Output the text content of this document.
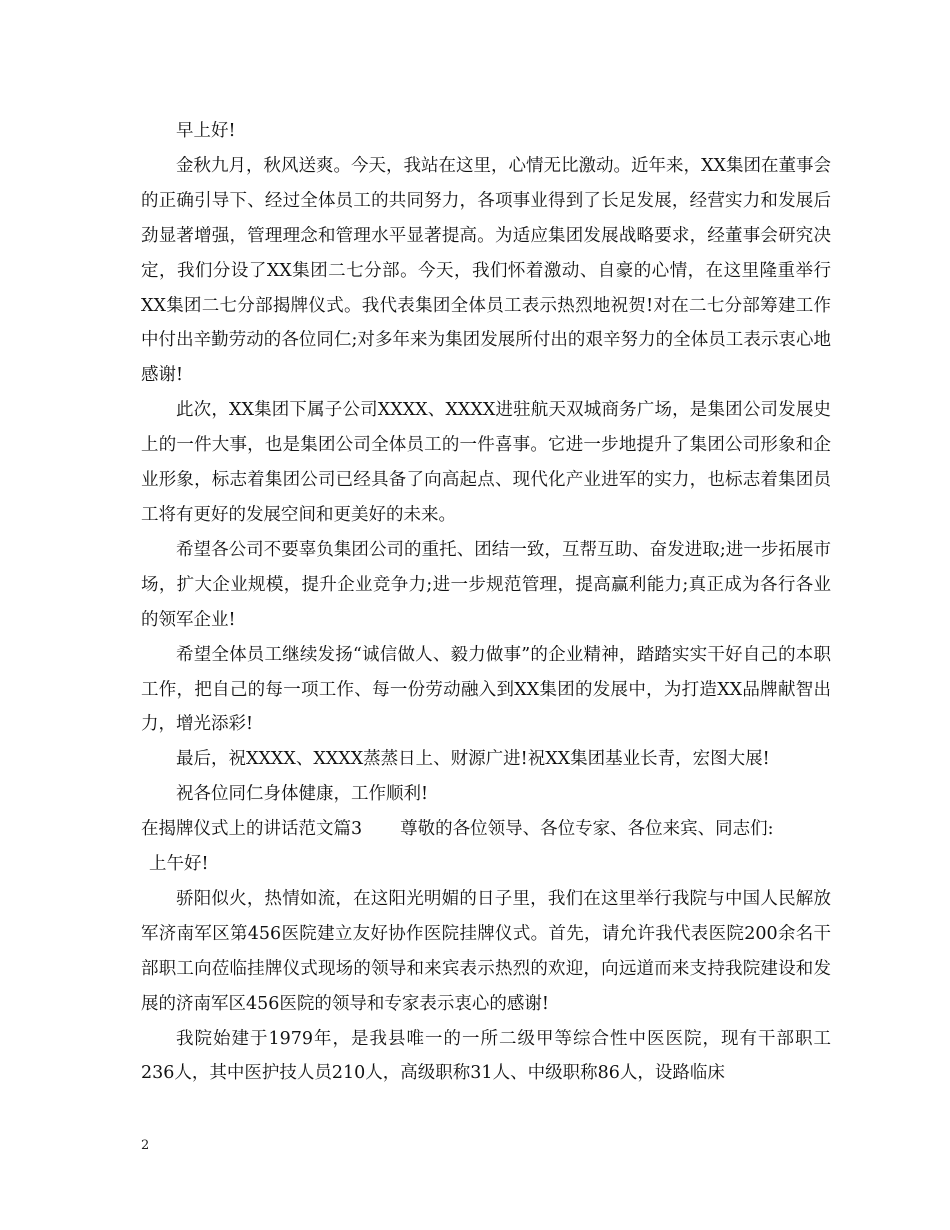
早上好!

金秋九月，秋风送爽。今天，我站在这里，心情无比激动。近年来，XX集团在董事会的正确引导下、经过全体员工的共同努力，各项事业得到了长足发展，经营实力和发展后劲显著增强，管理理念和管理水平显著提高。为适应集团发展战略要求，经董事会研究决定，我们分设了XX集团二七分部。今天，我们怀着激动、自豪的心情，在这里隆重举行XX集团二七分部揭牌仪式。我代表集团全体员工表示热烈地祝贺!对在二七分部筹建工作中付出辛勤劳动的各位同仁;对多年来为集团发展所付出的艰辛努力的全体员工表示衷心地感谢!

此次，XX集团下属子公司XXXX、XXXX进驻航天双城商务广场，是集团公司发展史上的一件大事，也是集团公司全体员工的一件喜事。它进一步地提升了集团公司形象和企业形象，标志着集团公司已经具备了向高起点、现代化产业进军的实力，也标志着集团员工将有更好的发展空间和更美好的未来。

希望各公司不要辜负集团公司的重托、团结一致，互帮互助、奋发进取;进一步拓展市场，扩大企业规模，提升企业竞争力;进一步规范管理，提高赢利能力;真正成为各行各业的领军企业!

希望全体员工继续发扬“诚信做人、毅力做事”的企业精神，踏踏实实干好自己的本职工作，把自己的每一项工作、每一份劳动融入到XX集团的发展中，为打造XX品牌献智出力，增光添彩!

最后，祝XXXX、XXXX蒸蒸日上、财源广进!祝XX集团基业长青，宏图大展!

祝各位同仁身体健康，工作顺利!

在揭牌仪式上的讲话范文篇3 尊敬的各位领导、各位专家、各位来宾、同志们:

上午好!

骄阳似火，热情如流，在这阳光明媚的日子里，我们在这里举行我院与中国人民解放军济南军区第456医院建立友好协作医院挂牌仪式。首先，请允许我代表医院200余名干部职工向莅临挂牌仪式现场的领导和来宾表示热烈的欢迎，向远道而来支持我院建设和发展的济南军区456医院的领导和专家表示衷心的感谢!

我院始建于1979年，是我县唯一的一所二级甲等综合性中医医院，现有干部职工236人，其中医护技人员210人，高级职称31人、中级职称86人，设路临床

2
